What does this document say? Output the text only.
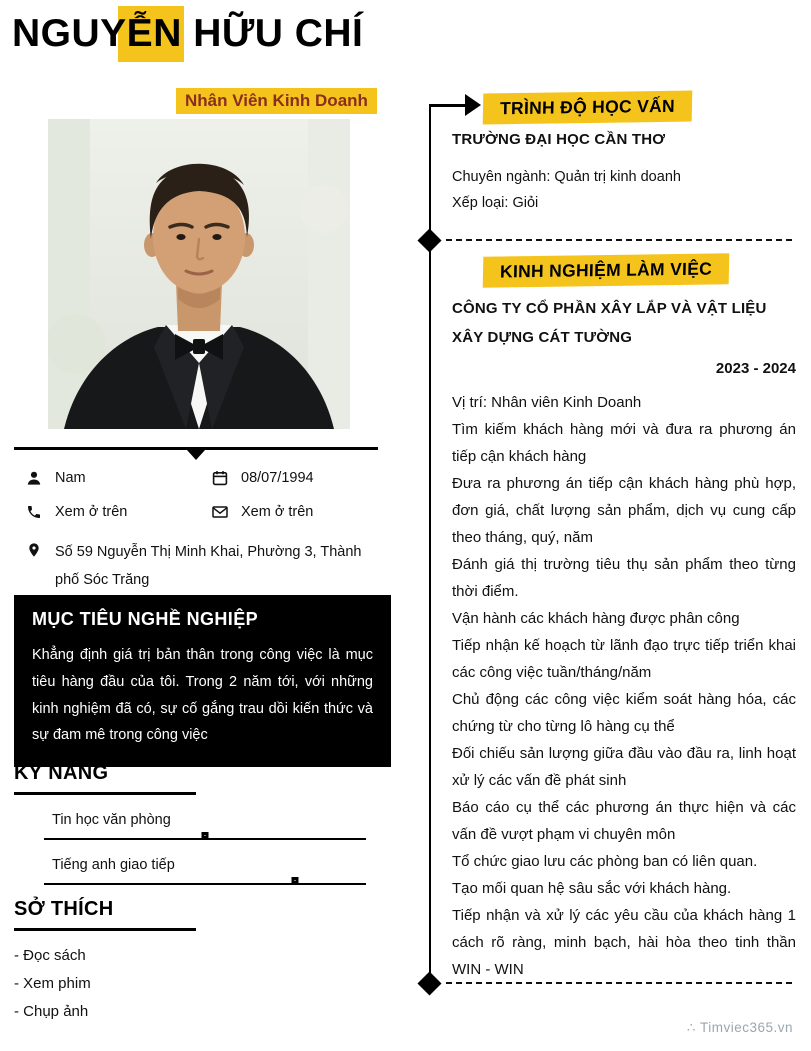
NGUYỄN HỮU CHÍ
Nhân Viên Kinh Doanh
Nam	08/07/1994
Xem ở trên	Xem ở trên
Số 59 Nguyễn Thị Minh Khai, Phường 3, Thành phố Sóc Trăng
MỤC TIÊU NGHỀ NGHIỆP

Khẳng định giá trị bản thân trong công việc là mục tiêu hàng đầu của tôi. Trong 2 năm tới, với những kinh nghiệm đã có, sự cố gắng trau dồi kiến thức và sự đam mê trong công việc

KỸ NĂNG
Tin học văn phòng
Tiếng anh giao tiếp
SỞ THÍCH
- Đọc sách
- Xem phim
- Chụp ảnh
TRÌNH ĐỘ HỌC VẤN
TRƯỜNG ĐẠI HỌC CẦN THƠ
Chuyên ngành: Quản trị kinh doanh
Xếp loại: Giỏi
KINH NGHIỆM LÀM VIỆC
CÔNG TY CỔ PHẦN XÂY LẮP VÀ VẬT LIỆU XÂY DỰNG CÁT TƯỜNG
2023 - 2024

Vị trí: Nhân viên Kinh Doanh

Tìm kiếm khách hàng mới và đưa ra phương án tiếp cận khách hàng

Đưa ra phương án tiếp cận khách hàng phù hợp, đơn giá, chất lượng sản phẩm, dịch vụ cung cấp theo tháng, quý, năm

Đánh giá thị trường tiêu thụ sản phẩm theo từng thời điểm.

Vận hành các khách hàng được phân công

Tiếp nhận kế hoạch từ lãnh đạo trực tiếp triển khai các công việc tuần/tháng/năm

Chủ động các công việc kiểm soát hàng hóa, các chứng từ cho từng lô hàng cụ thể

Đối chiếu sản lượng giữa đầu vào đầu ra, linh hoạt xử lý các vấn đề phát sinh

Báo cáo cụ thể các phương án thực hiện và các vấn đề vượt phạm vi chuyên môn

Tổ chức giao lưu các phòng ban có liên quan.

Tạo mối quan hệ sâu sắc với khách hàng.

Tiếp nhận và xử lý các yêu cầu của khách hàng 1 cách rõ ràng, minh bạch, hài hòa theo tinh thần WIN - WIN

∴ Timviec365.vn
